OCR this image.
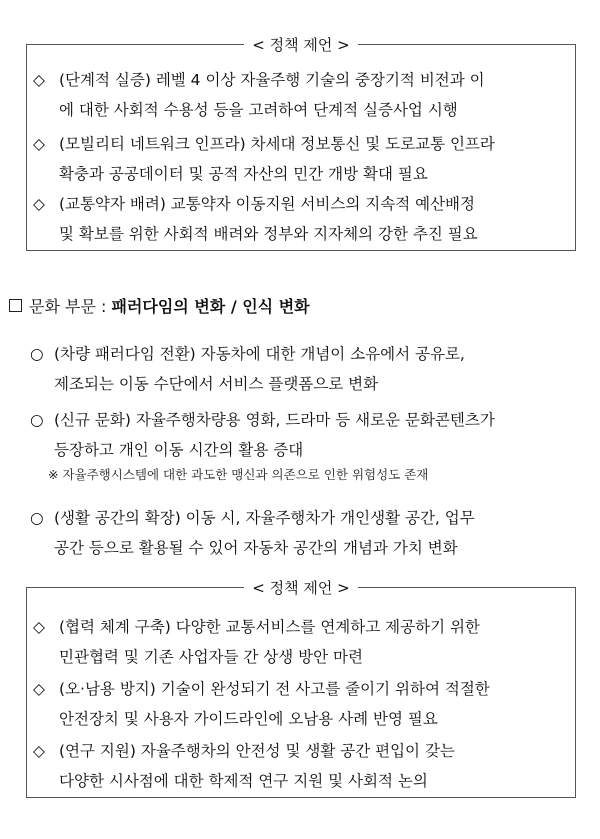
< 정책 제언 >
◇ (단계적 실증) 레벨 4 이상 자율주행 기술의 중장기적 비전과 이
에 대한 사회적 수용성 등을 고려하여 단계적 실증사업 시행
◇ (모빌리티 네트워크 인프라) 차세대 정보통신 및 도로교통 인프라
확충과 공공데이터 및 공적 자산의 민간 개방 확대 필요
◇ (교통약자 배려) 교통약자 이동지원 서비스의 지속적 예산배정
및 확보를 위한 사회적 배려와 정부와 지자체의 강한 추진 필요
문화 부문 : 패러다임의 변화 / 인식 변화
○ (차량 패러다임 전환) 자동차에 대한 개념이 소유에서 공유로,
제조되는 이동 수단에서 서비스 플랫폼으로 변화
○ (신규 문화) 자율주행차량용 영화, 드라마 등 새로운 문화콘텐츠가
등장하고 개인 이동 시간의 활용 증대
※ 자율주행시스템에 대한 과도한 맹신과 의존으로 인한 위험성도 존재
○ (생활 공간의 확장) 이동 시, 자율주행차가 개인생활 공간, 업무
공간 등으로 활용될 수 있어 자동차 공간의 개념과 가치 변화
< 정책 제언 >
◇ (협력 체계 구축) 다양한 교통서비스를 연계하고 제공하기 위한
민관협력 및 기존 사업자들 간 상생 방안 마련
◇ (오·남용 방지) 기술이 완성되기 전 사고를 줄이기 위하여 적절한
안전장치 및 사용자 가이드라인에 오남용 사례 반영 필요
◇ (연구 지원) 자율주행차의 안전성 및 생활 공간 편입이 갖는
다양한 시사점에 대한 학제적 연구 지원 및 사회적 논의
